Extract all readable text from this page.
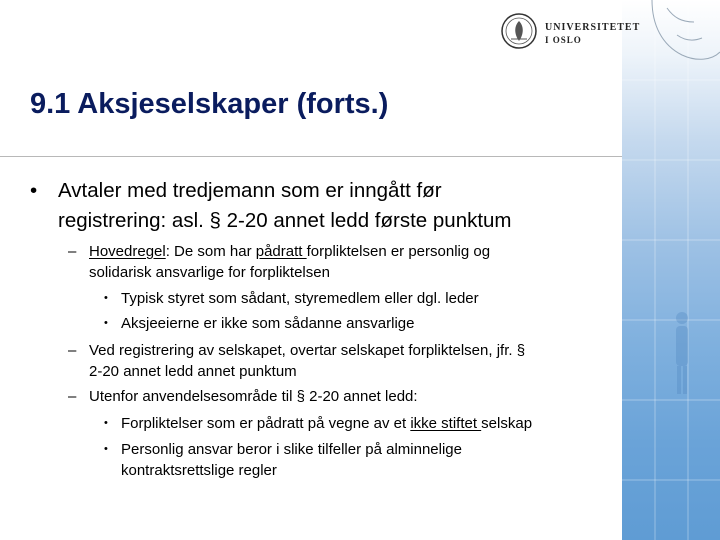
UNIVERSITETET
I OSLO
9.1 Aksjeselskaper (forts.)
• Avtaler med tredjemann som er inngått før
registrering: asl. § 2-20 annet ledd første punktum
– Hovedregel: De som har pådratt forpliktelsen er personlig og
solidarisk ansvarlige for forpliktelsen
• Typisk styret som sådant, styremedlem eller dgl. leder
• Aksjeeierne er ikke som sådanne ansvarlige
– Ved registrering av selskapet, overtar selskapet forpliktelsen, jfr. §
2-20 annet ledd annet punktum
– Utenfor anvendelsesområde til § 2-20 annet ledd:
• Forpliktelser som er pådratt på vegne av et ikke stiftet selskap
• Personlig ansvar beror i slike tilfeller på alminnelige
kontraktsrettslige regler
